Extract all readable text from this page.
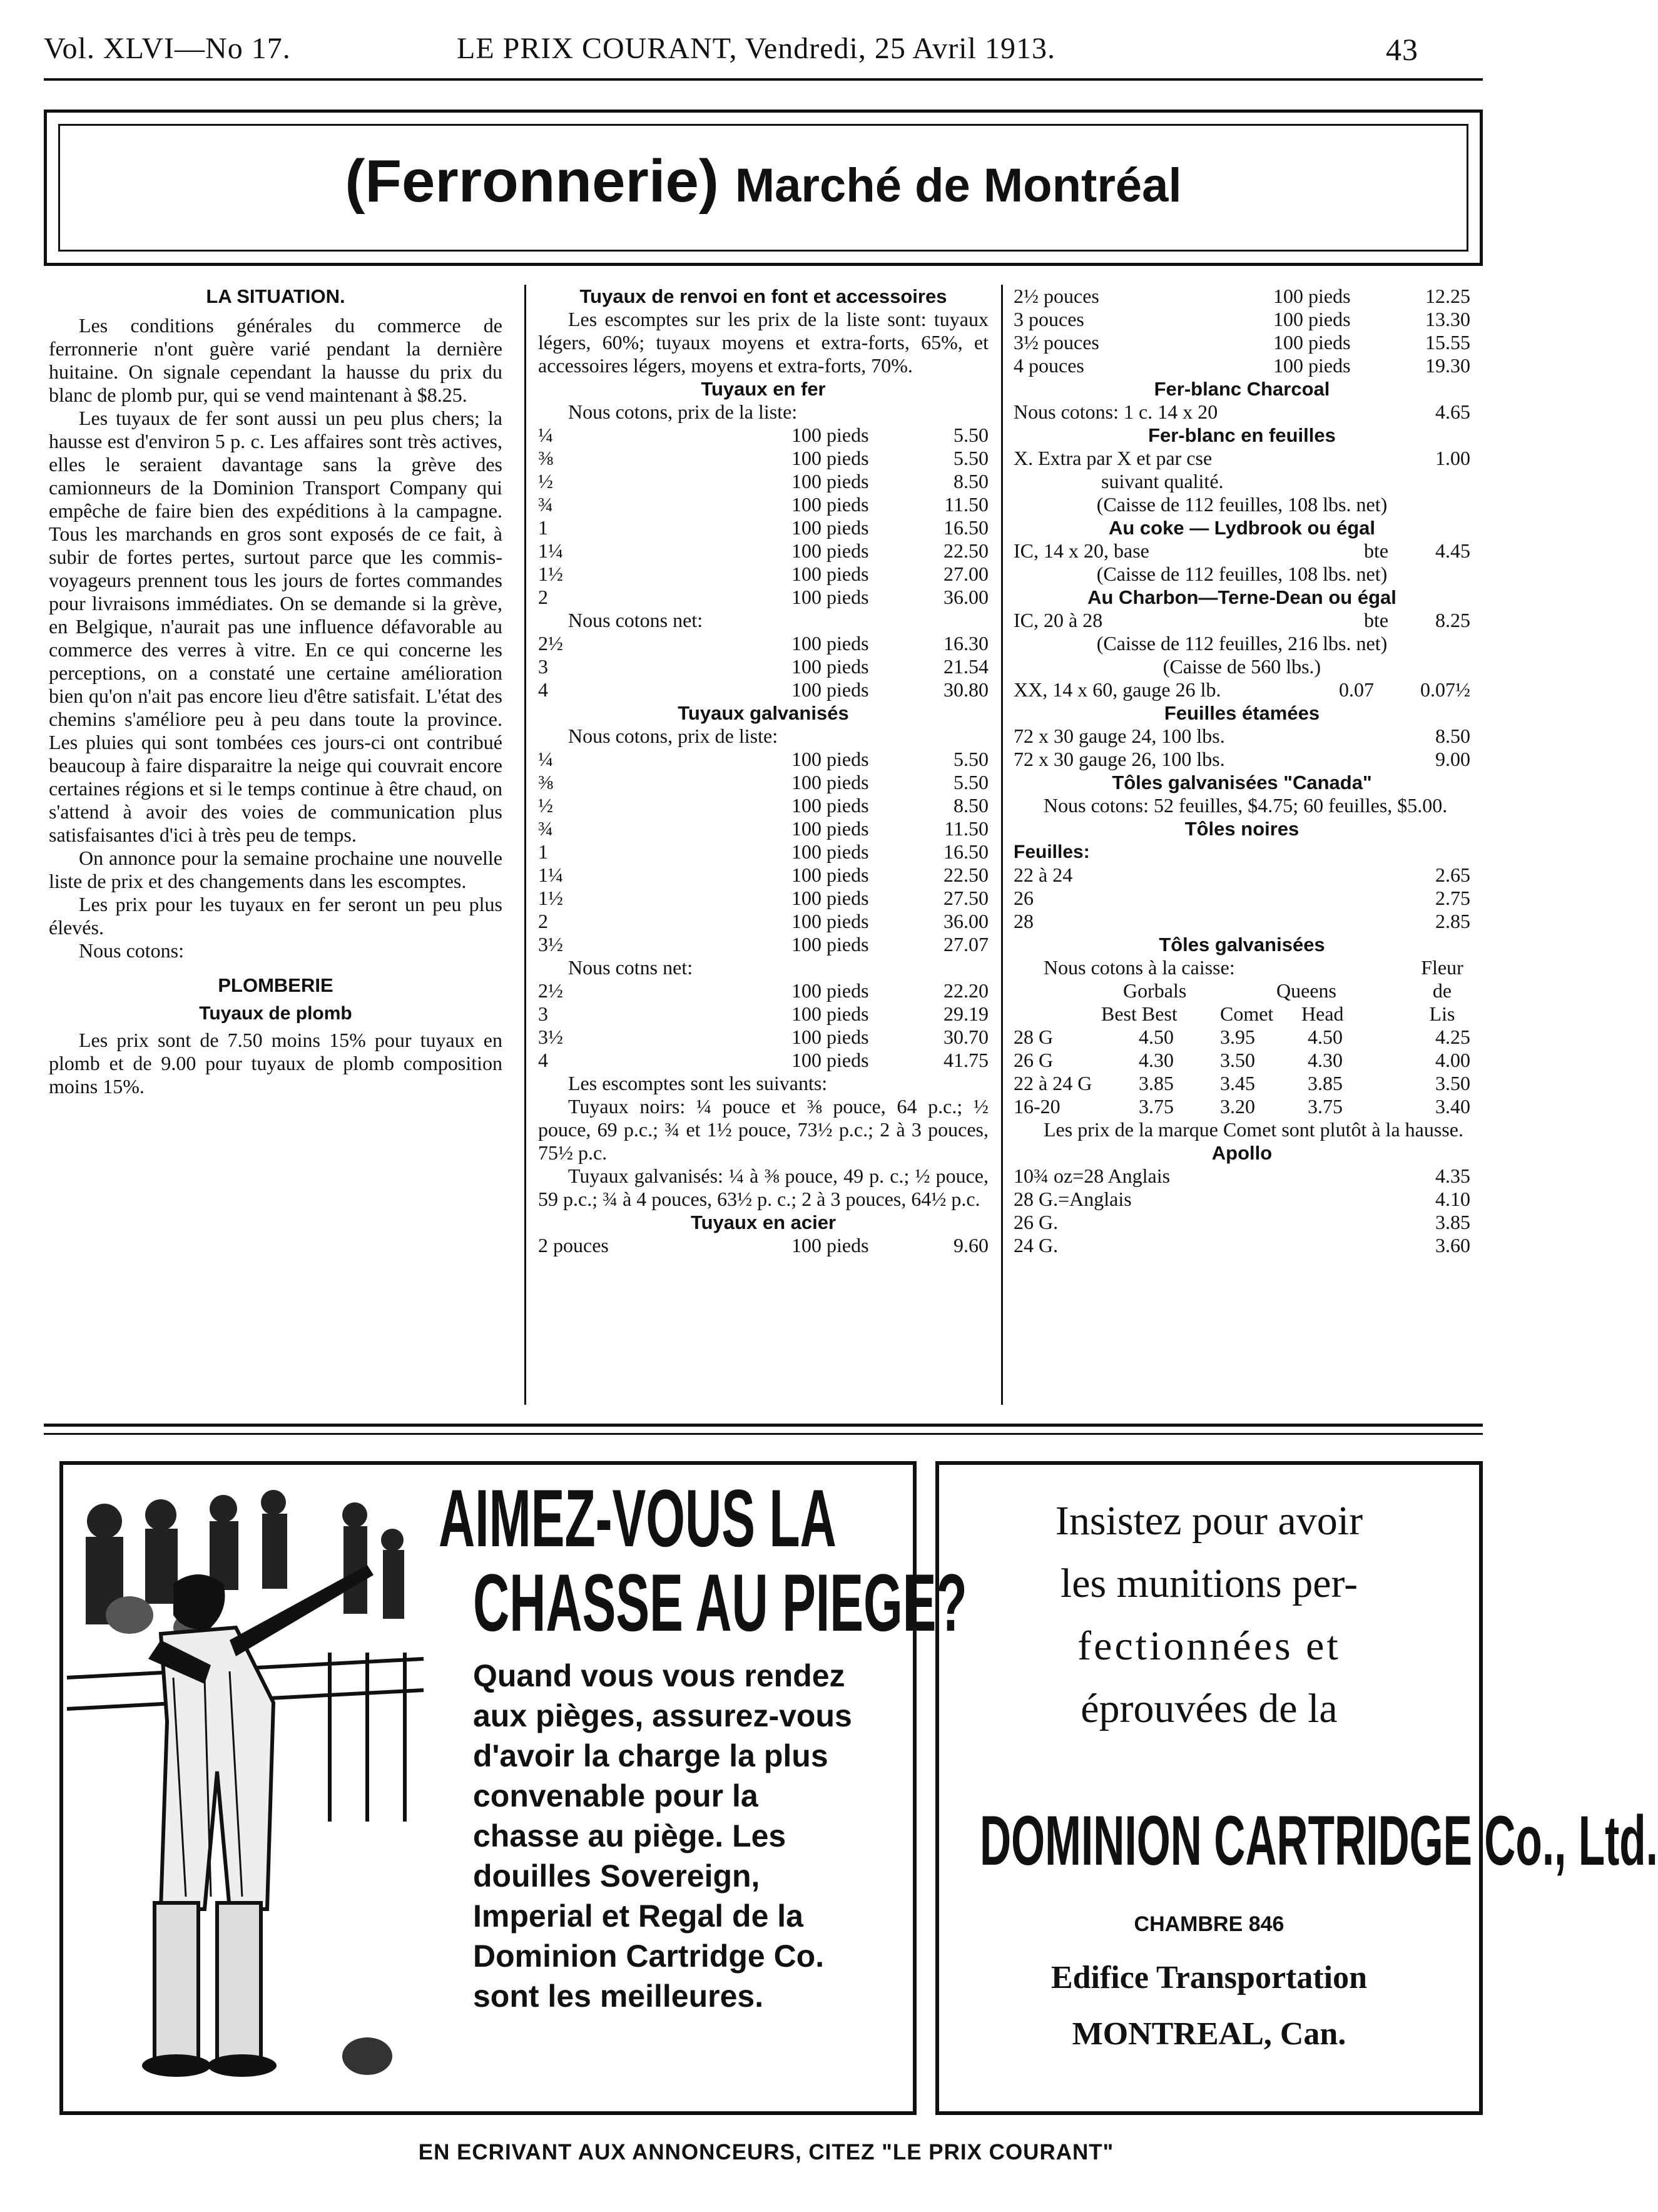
Vol. XLVI—No 17.	LE PRIX COURANT, Vendredi, 25 Avril 1913.	43
(Ferronnerie) Marché de Montréal
LA SITUATION.

Les conditions générales du commerce de ferronnerie n'ont guère varié pendant la dernière huitaine. On signale cependant la hausse du prix du blanc de plomb pur, qui se vend maintenant à $8.25.

Les tuyaux de fer sont aussi un peu plus chers; la hausse est d'environ 5 p. c. Les affaires sont très actives, elles le seraient davantage sans la grève des camionneurs de la Dominion Transport Company qui empêche de faire bien des expéditions à la campagne. Tous les marchands en gros sont exposés de ce fait, à subir de fortes pertes, surtout parce que les commis-voyageurs prennent tous les jours de fortes commandes pour livraisons immédiates. On se demande si la grève, en Belgique, n'aurait pas une influence défavorable au commerce des verres à vitre. En ce qui concerne les perceptions, on a constaté une certaine amélioration bien qu'on n'ait pas encore lieu d'être satisfait. L'état des chemins s'améliore peu à peu dans toute la province. Les pluies qui sont tombées ces jours-ci ont contribué beaucoup à faire disparaitre la neige qui couvrait encore certaines régions et si le temps continue à être chaud, on s'attend à avoir des voies de communication plus satisfaisantes d'ici à très peu de temps.

On annonce pour la semaine prochaine une nouvelle liste de prix et des changements dans les escomptes.

Les prix pour les tuyaux en fer seront un peu plus élevés.

Nous cotons:

PLOMBERIE
Tuyaux de plomb

Les prix sont de 7.50 moins 15% pour tuyaux en plomb et de 9.00 pour tuyaux de plomb composition moins 15%.

Tuyaux de renvoi en font et accessoires

Les escomptes sur les prix de la liste sont: tuyaux légers, 60%; tuyaux moyens et extra-forts, 65%, et accessoires légers, moyens et extra-forts, 70%.

Tuyaux en fer

Nous cotons, prix de la liste:

¼	100 pieds	5.50
⅜	100 pieds	5.50
½	100 pieds	8.50
¾	100 pieds	11.50
1	100 pieds	16.50
1¼	100 pieds	22.50
1½	100 pieds	27.00
2	100 pieds	36.00

Nous cotons net:

2½	100 pieds	16.30
3	100 pieds	21.54
4	100 pieds	30.80
Tuyaux galvanisés

Nous cotons, prix de liste:

¼	100 pieds	5.50
⅜	100 pieds	5.50
½	100 pieds	8.50
¾	100 pieds	11.50
1	100 pieds	16.50
1¼	100 pieds	22.50
1½	100 pieds	27.50
2	100 pieds	36.00
3½	100 pieds	27.07

Nous cotns net:

2½	100 pieds	22.20
3	100 pieds	29.19
3½	100 pieds	30.70
4	100 pieds	41.75

Les escomptes sont les suivants:

Tuyaux noirs: ¼ pouce et ⅜ pouce, 64 p.c.; ½ pouce, 69 p.c.; ¾ et 1½ pouce, 73½ p.c.; 2 à 3 pouces, 75½ p.c.

Tuyaux galvanisés: ¼ à ⅜ pouce, 49 p. c.; ½ pouce, 59 p.c.; ¾ à 4 pouces, 63½ p. c.; 2 à 3 pouces, 64½ p.c.

Tuyaux en acier
2 pouces	100 pieds	9.60
2½ pouces	100 pieds	12.25
3 pouces	100 pieds	13.30
3½ pouces	100 pieds	15.55
4 pouces	100 pieds	19.30
Fer-blanc Charcoal
Nous cotons: 1 c. 14 x 20	4.65
Fer-blanc en feuilles
X. Extra par X et par cse	1.00
suivant qualité.
(Caisse de 112 feuilles, 108 lbs. net)
Au coke — Lydbrook ou égal
IC, 14 x 20, base	bte	4.45
(Caisse de 112 feuilles, 108 lbs. net)
Au Charbon—Terne-Dean ou égal
IC, 20 à 28	bte	8.25
(Caisse de 112 feuilles, 216 lbs. net)
(Caisse de 560 lbs.)
XX, 14 x 60, gauge 26 lb.	0.07	0.07½
Feuilles étamées
72 x 30 gauge 24, 100 lbs.	8.50
72 x 30 gauge 26, 100 lbs.	9.00
Tôles galvanisées "Canada"

Nous cotons: 52 feuilles, $4.75; 60 feuilles, $5.00.

Tôles noires
Feuilles:
22 à 24	2.65
26	2.75
28	2.85
Tôles galvanisées
Nous cotons à la caisse:	Fleur
Gorbals	Queens	de
Best Best	Comet	Head	Lis
28 G	4.50	3.95	4.50	4.25
26 G	4.30	3.50	4.30	4.00
22 à 24 G	3.85	3.45	3.85	3.50
16-20	3.75	3.20	3.75	3.40

Les prix de la marque Comet sont plutôt à la hausse.

Apollo
10¾ oz=28 Anglais	4.35
28 G.=Anglais	4.10
26 G.	3.85
24 G.	3.60
AIMEZ-VOUS LA
CHASSE AU PIEGE?
Quand vous vous rendez aux pièges, assurez-vous d'avoir la charge la plus convenable pour la chasse au piège. Les douilles Sovereign, Imperial et Regal de la Dominion Cartridge Co. sont les meilleures.
Insistez pour avoir
les munitions per-
fectionnées et
éprouvées de la
DOMINION CARTRIDGE Co., Ltd.
CHAMBRE 846
Edifice Transportation
MONTREAL, Can.
EN ECRIVANT AUX ANNONCEURS, CITEZ "LE PRIX COURANT"
